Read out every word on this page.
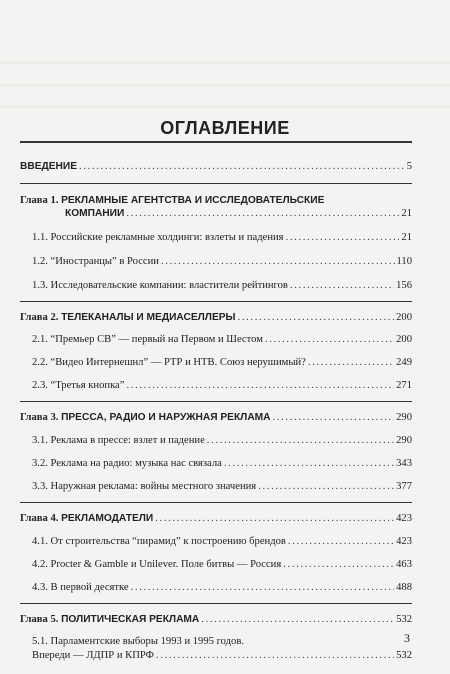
ОГЛАВЛЕНИЕ
ВВЕДЕНИЕ . . .	5
Глава 1. РЕКЛАМНЫЕ АГЕНТСТВА И ИССЛЕДОВАТЕЛЬСКИЕ
КОМПАНИИ . . .	21
1.1. Российские рекламные холдинги: взлеты и падения . . .	21
1.2. “Иностранцы” в России . . .	110
1.3. Исследовательские компании: властители рейтингов . . .	156
Глава 2. ТЕЛЕКАНАЛЫ И МЕДИАСЕЛЛЕРЫ . . .	200
2.1. “Премьер СВ” — первый на Первом и Шестом . . .	200
2.2. “Видео Интернешнл” — РТР и НТВ. Союз нерушимый? . . .	249
2.3. “Третья кнопка” . . .	271
Глава 3. ПРЕССА, РАДИО И НАРУЖНАЯ РЕКЛАМА . . .	290
3.1. Реклама в прессе: взлет и падение . . .	290
3.2. Реклама на радио: музыка нас связала . . .	343
3.3. Наружная реклама: войны местного значения . . .	377
Глава 4. РЕКЛАМОДАТЕЛИ . . .	423
4.1. От строительства “пирамид” к построению брендов . . .	423
4.2. Procter & Gamble и Unilever. Поле битвы — Россия . . .	463
4.3. В первой десятке . . .	488
Глава 5. ПОЛИТИЧЕСКАЯ РЕКЛАМА . . .	532
5.1. Парламентские выборы 1993 и 1995 годов.
Впереди — ЛДПР и КПРФ . . .	532
3
